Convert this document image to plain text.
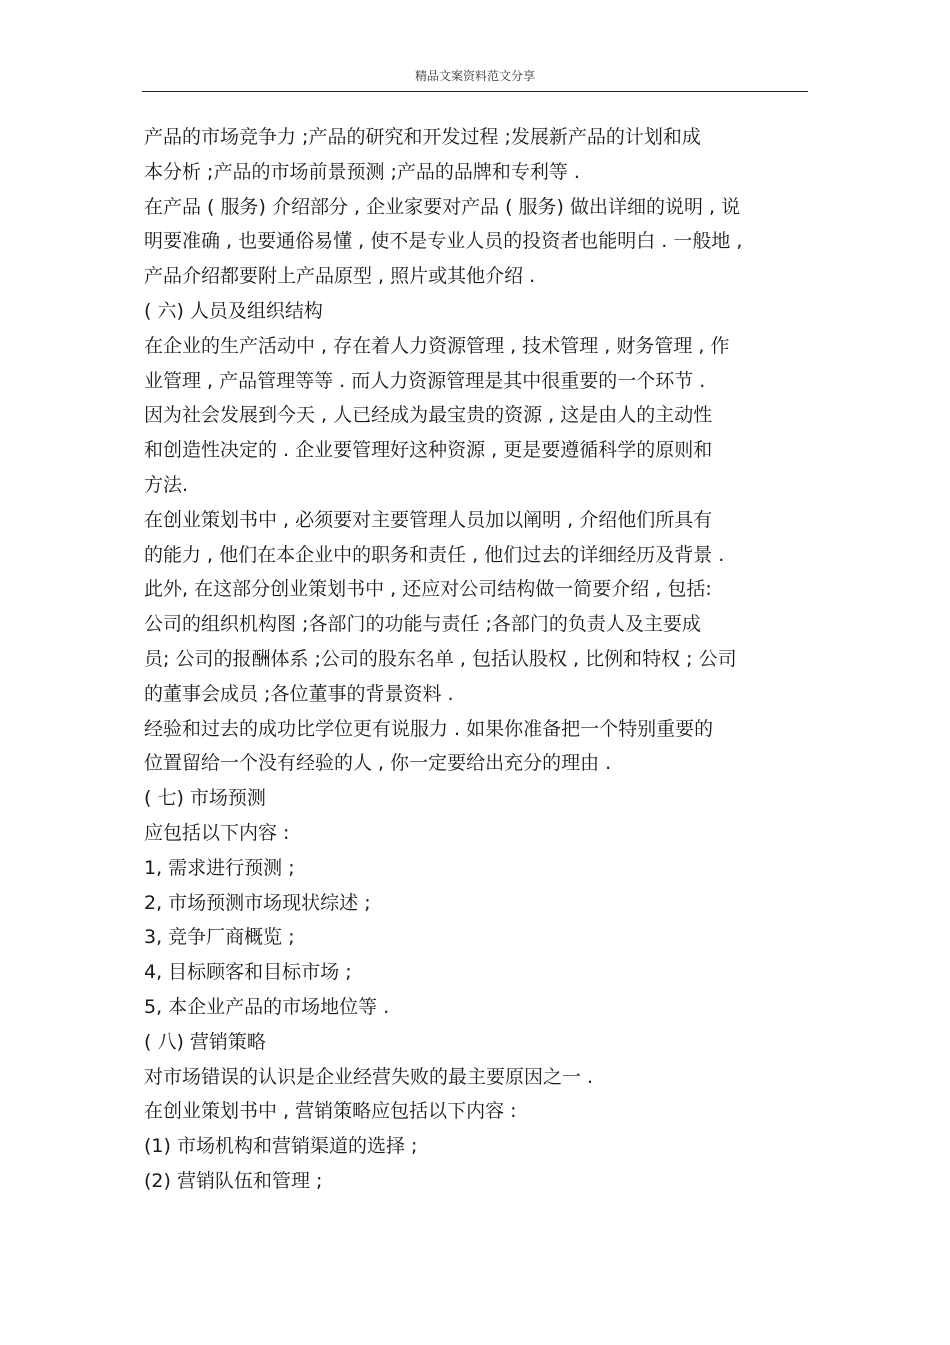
精品文案资料范文分享
产品的市场竞争力 ;产品的研究和开发过程 ;发展新产品的计划和成
本分析 ;产品的市场前景预测 ;产品的品牌和专利等 .
在产品 ( 服务) 介绍部分 , 企业家要对产品 ( 服务) 做出详细的说明 , 说
明要准确 , 也要通俗易懂 , 使不是专业人员的投资者也能明白 . 一般地 ,
产品介绍都要附上产品原型 , 照片或其他介绍 .
( 六) 人员及组织结构
在企业的生产活动中 , 存在着人力资源管理 , 技术管理 , 财务管理 , 作
业管理 , 产品管理等等 . 而人力资源管理是其中很重要的一个环节 .
因为社会发展到今天 , 人已经成为最宝贵的资源 , 这是由人的主动性
和创造性决定的 . 企业要管理好这种资源 , 更是要遵循科学的原则和
方法.
在创业策划书中 , 必须要对主要管理人员加以阐明 , 介绍他们所具有
的能力 , 他们在本企业中的职务和责任 , 他们过去的详细经历及背景 .
此外, 在这部分创业策划书中 , 还应对公司结构做一简要介绍 , 包括:
公司的组织机构图 ;各部门的功能与责任 ;各部门的负责人及主要成
员; 公司的报酬体系 ;公司的股东名单 , 包括认股权 , 比例和特权 ; 公司
的董事会成员 ;各位董事的背景资料 .
经验和过去的成功比学位更有说服力 . 如果你准备把一个特别重要的
位置留给一个没有经验的人 , 你一定要给出充分的理由 .
( 七) 市场预测
应包括以下内容 :
1, 需求进行预测 ;
2, 市场预测市场现状综述 ;
3, 竞争厂商概览 ;
4, 目标顾客和目标市场 ;
5, 本企业产品的市场地位等 .
( 八) 营销策略
对市场错误的认识是企业经营失败的最主要原因之一 .
在创业策划书中 , 营销策略应包括以下内容 :
(1) 市场机构和营销渠道的选择 ;
(2) 营销队伍和管理 ;
